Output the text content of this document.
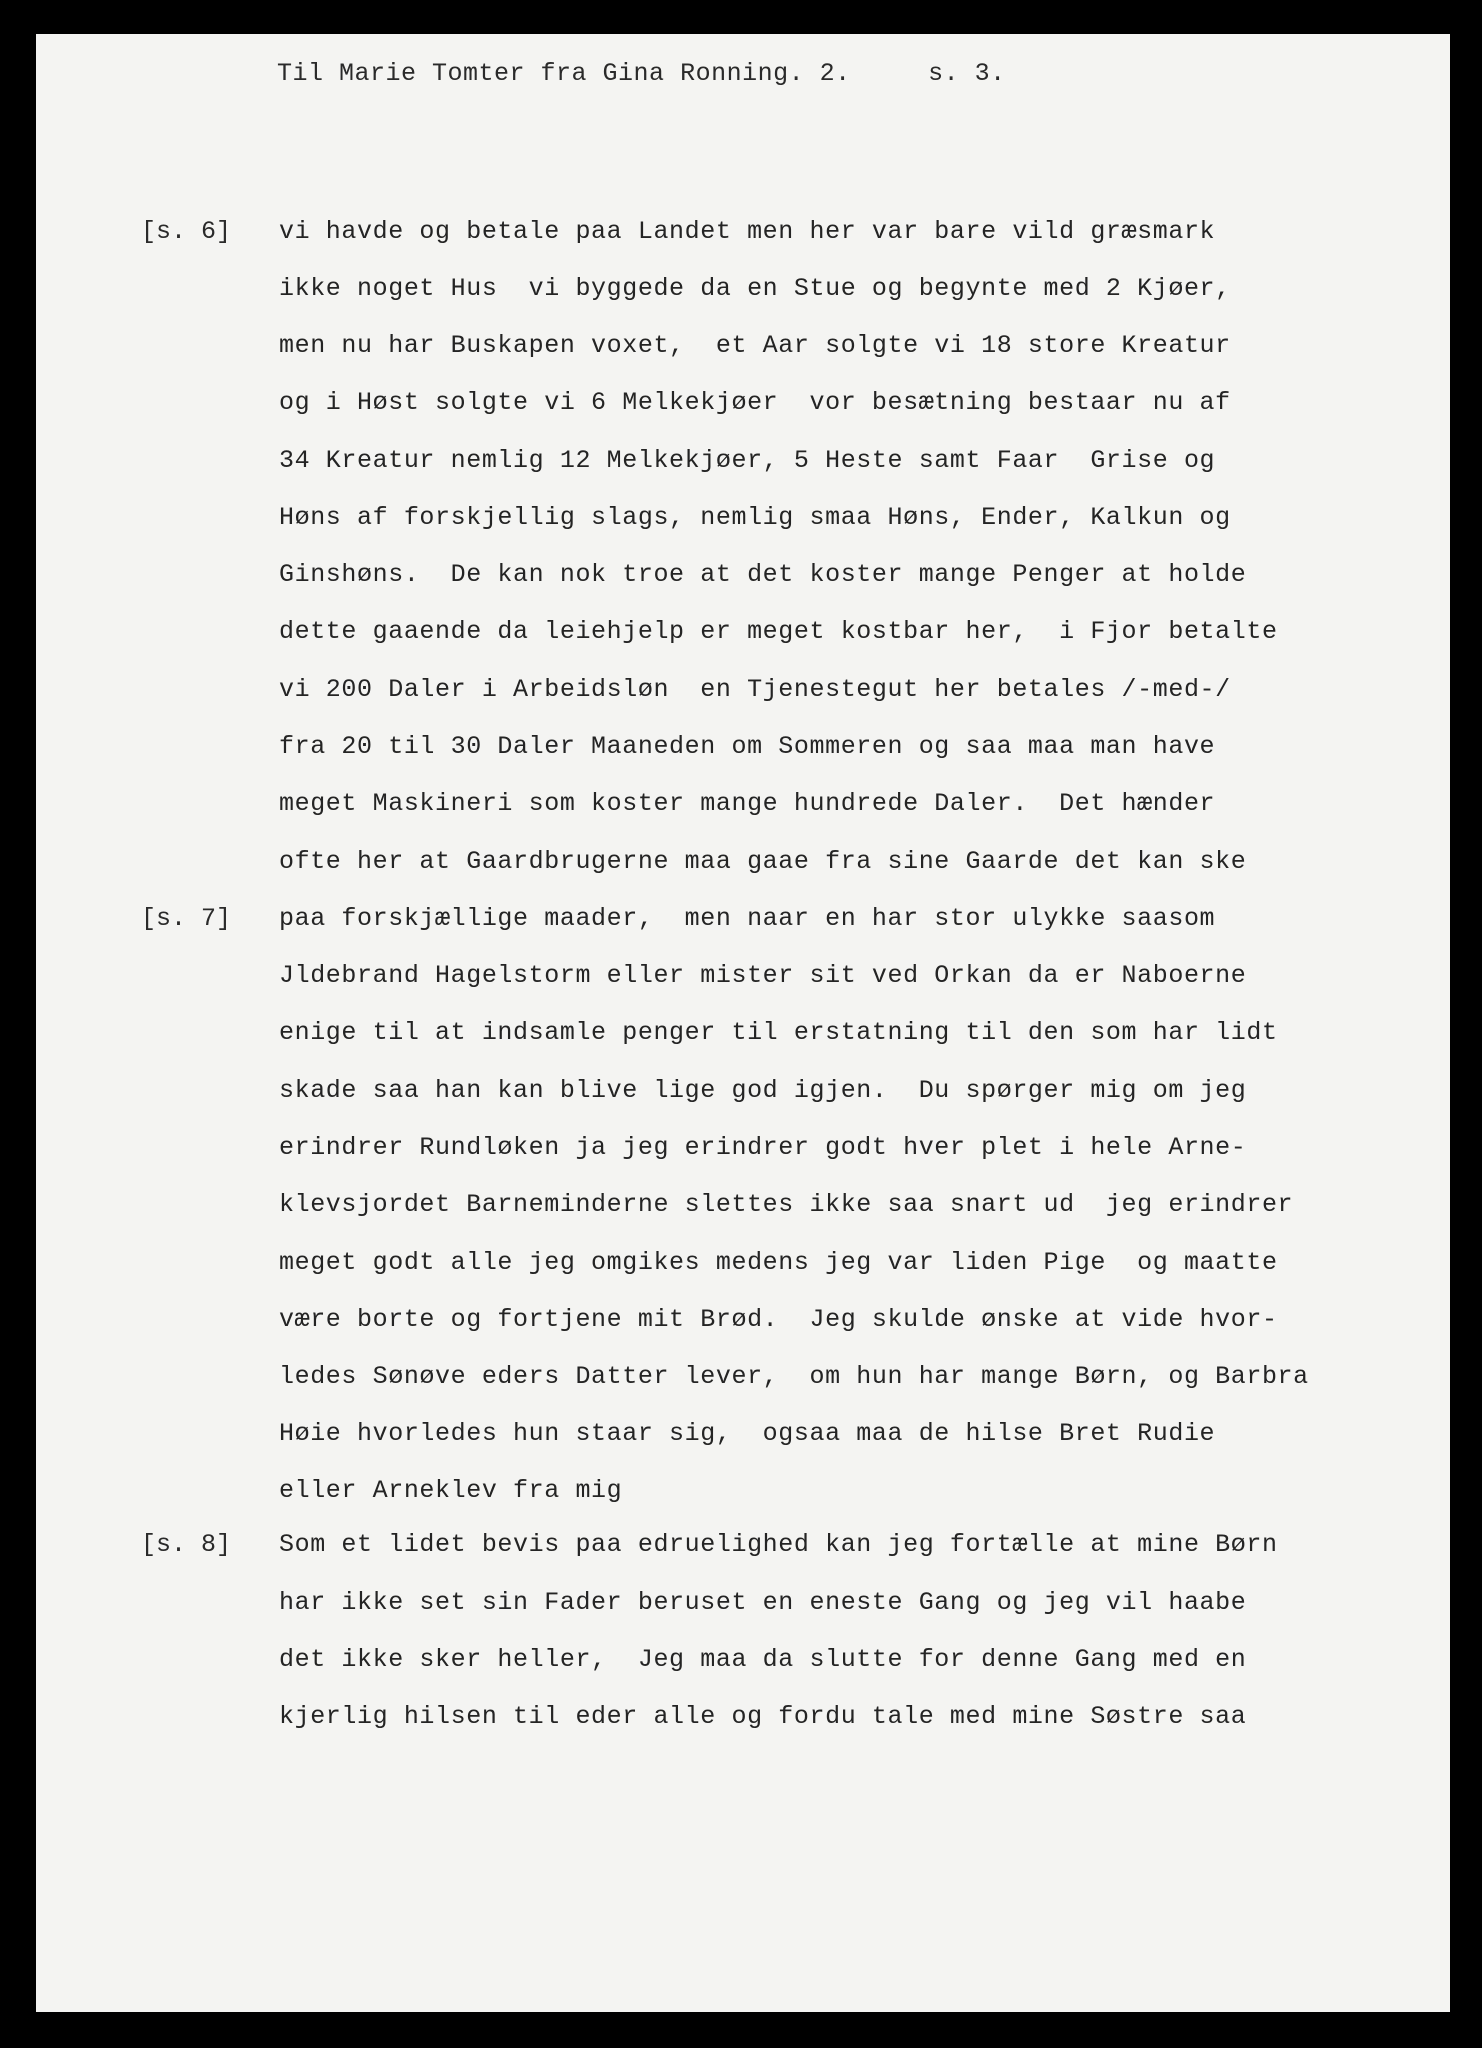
Til Marie Tomter fra Gina Ronning. 2.     s. 3.
[s. 6]
[s. 7]
[s. 8]
vi havde og betale paa Landet men her var bare vild græsmark
ikke noget Hus  vi byggede da en Stue og begynte med 2 Kjøer,
men nu har Buskapen voxet,  et Aar solgte vi 18 store Kreatur
og i Høst solgte vi 6 Melkekjøer  vor besætning bestaar nu af
34 Kreatur nemlig 12 Melkekjøer, 5 Heste samt Faar  Grise og
Høns af forskjellig slags, nemlig smaa Høns, Ender, Kalkun og
Ginshøns.  De kan nok troe at det koster mange Penger at holde
dette gaaende da leiehjelp er meget kostbar her,  i Fjor betalte
vi 200 Daler i Arbeidsløn  en Tjenestegut her betales /-med-/
fra 20 til 30 Daler Maaneden om Sommeren og saa maa man have
meget Maskineri som koster mange hundrede Daler.  Det hænder
ofte her at Gaardbrugerne maa gaae fra sine Gaarde det kan ske
paa forskjællige maader,  men naar en har stor ulykke saasom
Jldebrand Hagelstorm eller mister sit ved Orkan da er Naboerne
enige til at indsamle penger til erstatning til den som har lidt
skade saa han kan blive lige god igjen.  Du spørger mig om jeg
erindrer Rundløken ja jeg erindrer godt hver plet i hele Arne-
klevsjordet Barneminderne slettes ikke saa snart ud  jeg erindrer
meget godt alle jeg omgikes medens jeg var liden Pige  og maatte
være borte og fortjene mit Brød.  Jeg skulde ønske at vide hvor-
ledes Sønøve eders Datter lever,  om hun har mange Børn, og Barbra
Høie hvorledes hun staar sig,  ogsaa maa de hilse Bret Rudie
eller Arneklev fra mig
Som et lidet bevis paa edruelighed kan jeg fortælle at mine Børn
har ikke set sin Fader beruset en eneste Gang og jeg vil haabe
det ikke sker heller,  Jeg maa da slutte for denne Gang med en
kjerlig hilsen til eder alle og fordu tale med mine Søstre saa
